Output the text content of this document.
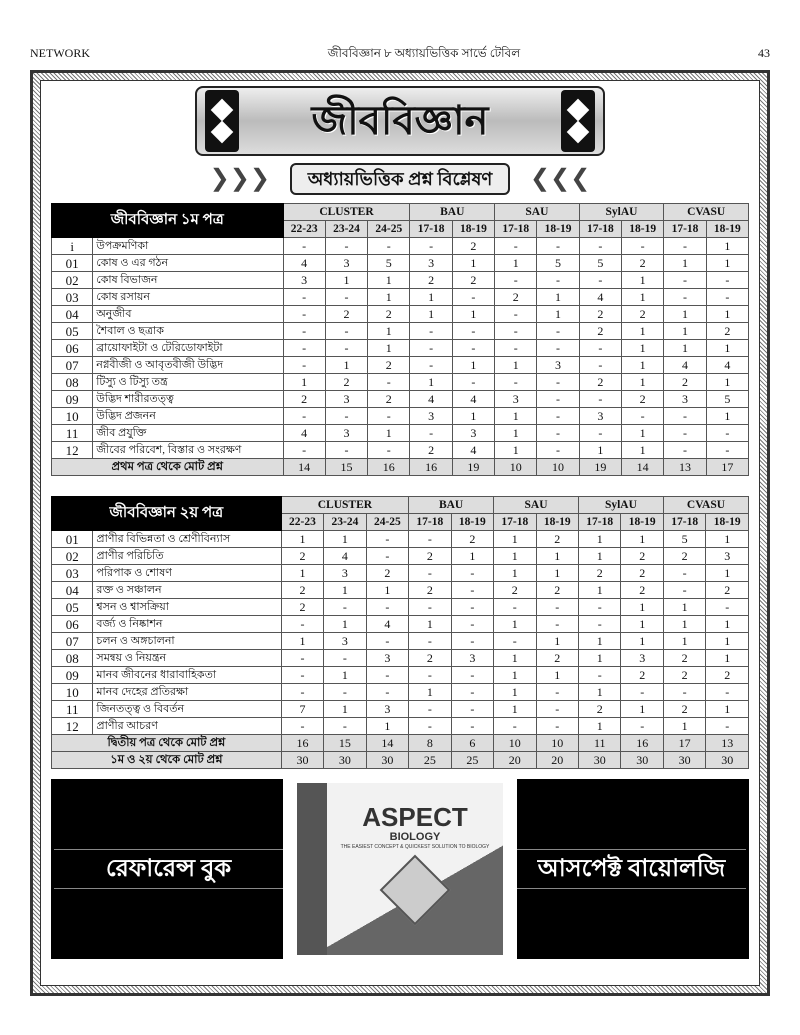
NETWORK	জীববিজ্ঞান ৮ অধ্যায়ভিত্তিক সার্ভে টেবিল	43
জীববিজ্ঞান
❯❯❯	অধ্যায়ভিত্তিক প্রশ্ন বিশ্লেষণ	❮❮❮
জীববিজ্ঞান ১ম পত্র		CLUSTER			BAU		SAU		SylAU		CVASU	
		22-23	23-24	24-25	17-18	18-19	17-18	18-19	17-18	18-19	17-18	18-19
i	উপক্রমণিকা	-	-	-	-	2	-	-	-	-	-	1
01	কোষ ও এর গঠন	4	3	5	3	1	1	5	5	2	1	1
02	কোষ বিভাজন	3	1	1	2	2	-	-	-	1	-	-
03	কোষ রসায়ন	-	-	1	1	-	2	1	4	1	-	-
04	অনুজীব	-	2	2	1	1	-	1	2	2	1	1
05	শৈবাল ও ছত্রাক	-	-	1	-	-	-	-	2	1	1	2
06	ব্রায়োফাইটা ও টেরিডোফাইটা	-	-	1	-	-	-	-	-	1	1	1
07	নগ্নবীজী ও আবৃতবীজী উদ্ভিদ	-	1	2	-	1	1	3	-	1	4	4
08	টিস্যু ও টিস্যু তন্ত্র	1	2	-	1	-	-	-	2	1	2	1
09	উদ্ভিদ শারীরতত্ত্ব	2	3	2	4	4	3	-	-	2	3	5
10	উদ্ভিদ প্রজনন	-	-	-	3	1	1	-	3	-	-	1
11	জীব প্রযুক্তি	4	3	1	-	3	1	-	-	1	-	-
12	জীবের পরিবেশ, বিস্তার ও সংরক্ষণ	-	-	-	2	4	1	-	1	1	-	-
প্রথম পত্র থেকে মোট প্রশ্ন		14	15	16	16	19	10	10	19	14	13	17
জীববিজ্ঞান ২য় পত্র		CLUSTER			BAU		SAU		SylAU		CVASU	
		22-23	23-24	24-25	17-18	18-19	17-18	18-19	17-18	18-19	17-18	18-19
01	প্রাণীর বিভিন্নতা ও শ্রেণীবিন্যাস	1	1	-	-	2	1	2	1	1	5	1
02	প্রাণীর পরিচিতি	2	4	-	2	1	1	1	1	2	2	3
03	পরিপাক ও শোষণ	1	3	2	-	-	1	1	2	2	-	1
04	রক্ত ও সঞ্চালন	2	1	1	2	-	2	2	1	2	-	2
05	শ্বসন ও শ্বাসক্রিয়া	2	-	-	-	-	-	-	-	1	1	-
06	বর্জ্য ও নিষ্কাশন	-	1	4	1	-	1	-	-	1	1	1
07	চলন ও অঙ্গচালনা	1	3	-	-	-	-	1	1	1	1	1
08	সমন্বয় ও নিয়ন্ত্রন	-	-	3	2	3	1	2	1	3	2	1
09	মানব জীবনের ধারাবাহিকতা	-	1	-	-	-	1	1	-	2	2	2
10	মানব দেহের প্রতিরক্ষা	-	-	-	1	-	1	-	1	-	-	-
11	জিনতত্ত্ব ও বিবর্তন	7	1	3	-	-	1	-	2	1	2	1
12	প্রাণীর আচরণ	-	-	1	-	-	-	-	1	-	1	-
দ্বিতীয় পত্র থেকে মোট প্রশ্ন		16	15	14	8	6	10	10	11	16	17	13
১ম ও ২য় থেকে মোট প্রশ্ন		30	30	30	25	25	20	20	30	30	30	30
রেফারেন্স বুক
ASPECT
BIOLOGY
THE EASIEST CONCEPT & QUICKEST SOLUTION TO BIOLOGY
আসপেক্ট বায়োলজি
